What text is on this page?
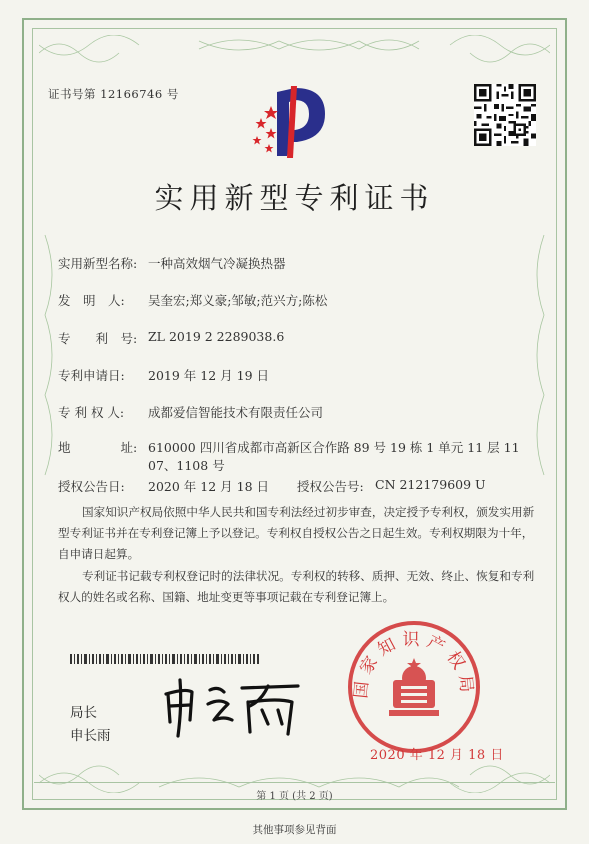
证书号第 12166746 号
实用新型专利证书
实用新型名称: 一种高效烟气冷凝换热器
发　明　人: 吴奎宏;郑义豪;邹敏;范兴方;陈松
专　　利　号: ZL 2019 2 2289038.6
专利申请日: 2019 年 12 月 19 日
专 利 权 人: 成都爱信智能技术有限责任公司
地　　　　址: 610000 四川省成都市高新区合作路 89 号 19 栋 1 单元 11 层 11
07、1108 号
授权公告日: 2020 年 12 月 18 日 授权公告号: CN 212179609 U
国家知识产权局依照中华人民共和国专利法经过初步审查，决定授予专利权，颁发实用新型专利证书并在专利登记簿上予以登记。专利权自授权公告之日起生效。专利权期限为十年，自申请日起算。
专利证书记载专利权登记时的法律状况。专利权的转移、质押、无效、终止、恢复和专利权人的姓名或名称、国籍、地址变更等事项记载在专利登记簿上。
局长
申长雨
国家知识产权局
2020 年 12 月 18 日
第 1 页 (共 2 页)
其他事项参见背面
